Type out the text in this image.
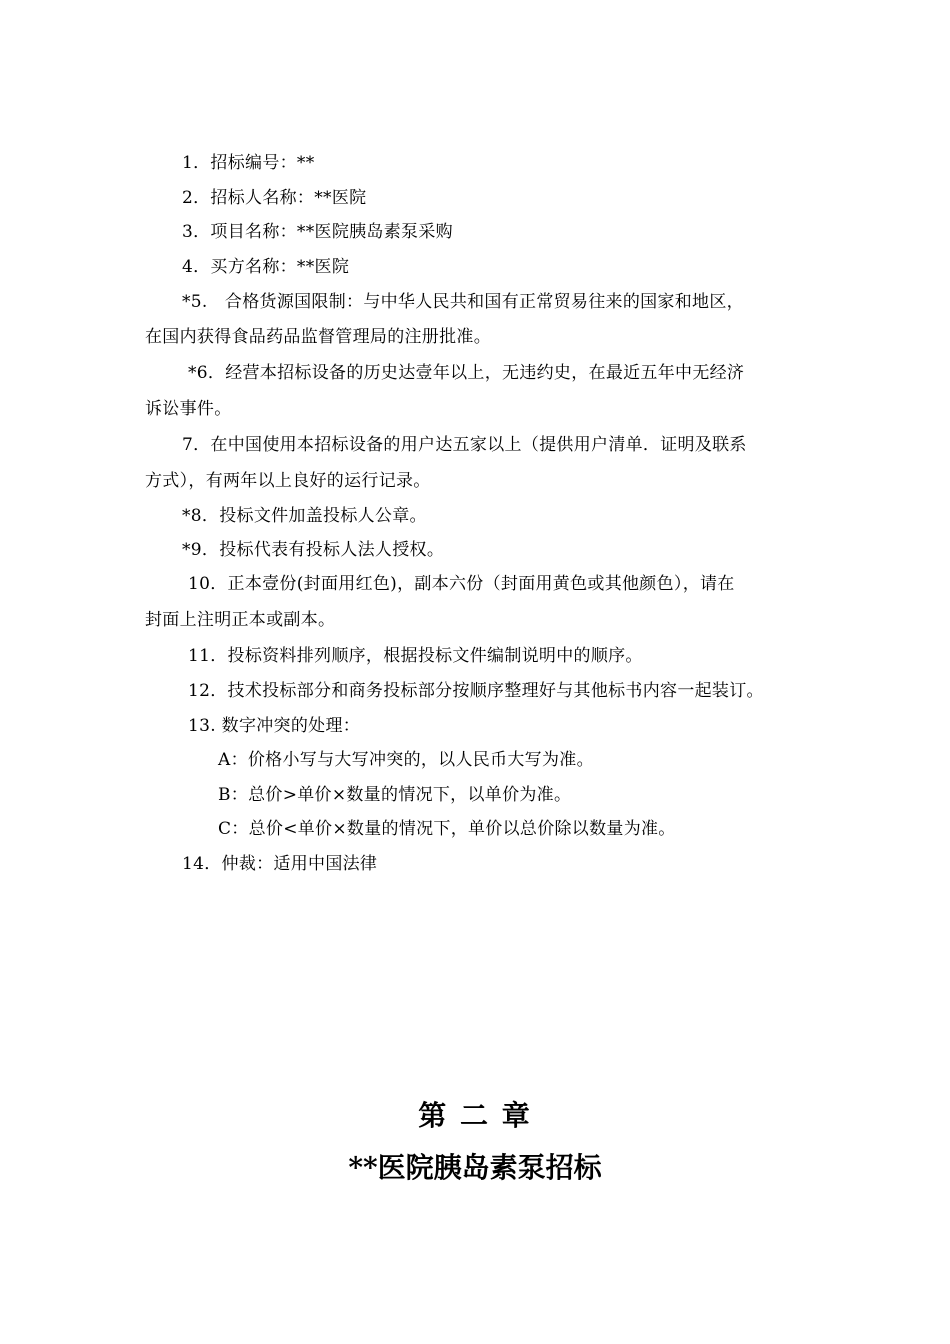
1．招标编号：**
2．招标人名称：**医院
3．项目名称：**医院胰岛素泵采购
4．买方名称：**医院
*5.　合格货源国限制：与中华人民共和国有正常贸易往来的国家和地区，
在国内获得食品药品监督管理局的注册批准。
*6．经营本招标设备的历史达壹年以上，无违约史，在最近五年中无经济
诉讼事件。
7．在中国使用本招标设备的用户达五家以上（提供用户清单．证明及联系
方式），有两年以上良好的运行记录。
*8．投标文件加盖投标人公章。
*9．投标代表有投标人法人授权。
10．正本壹份(封面用红色)，副本六份（封面用黄色或其他颜色），请在
封面上注明正本或副本。
11．投标资料排列顺序，根据投标文件编制说明中的顺序。
12．技术投标部分和商务投标部分按顺序整理好与其他标书内容一起装订。
13. 数字冲突的处理：
A：价格小写与大写冲突的，以人民币大写为准。
B：总价>单价×数量的情况下，以单价为准。
C：总价<单价×数量的情况下，单价以总价除以数量为准。
14．仲裁：适用中国法律
第 二 章
**医院胰岛素泵招标
